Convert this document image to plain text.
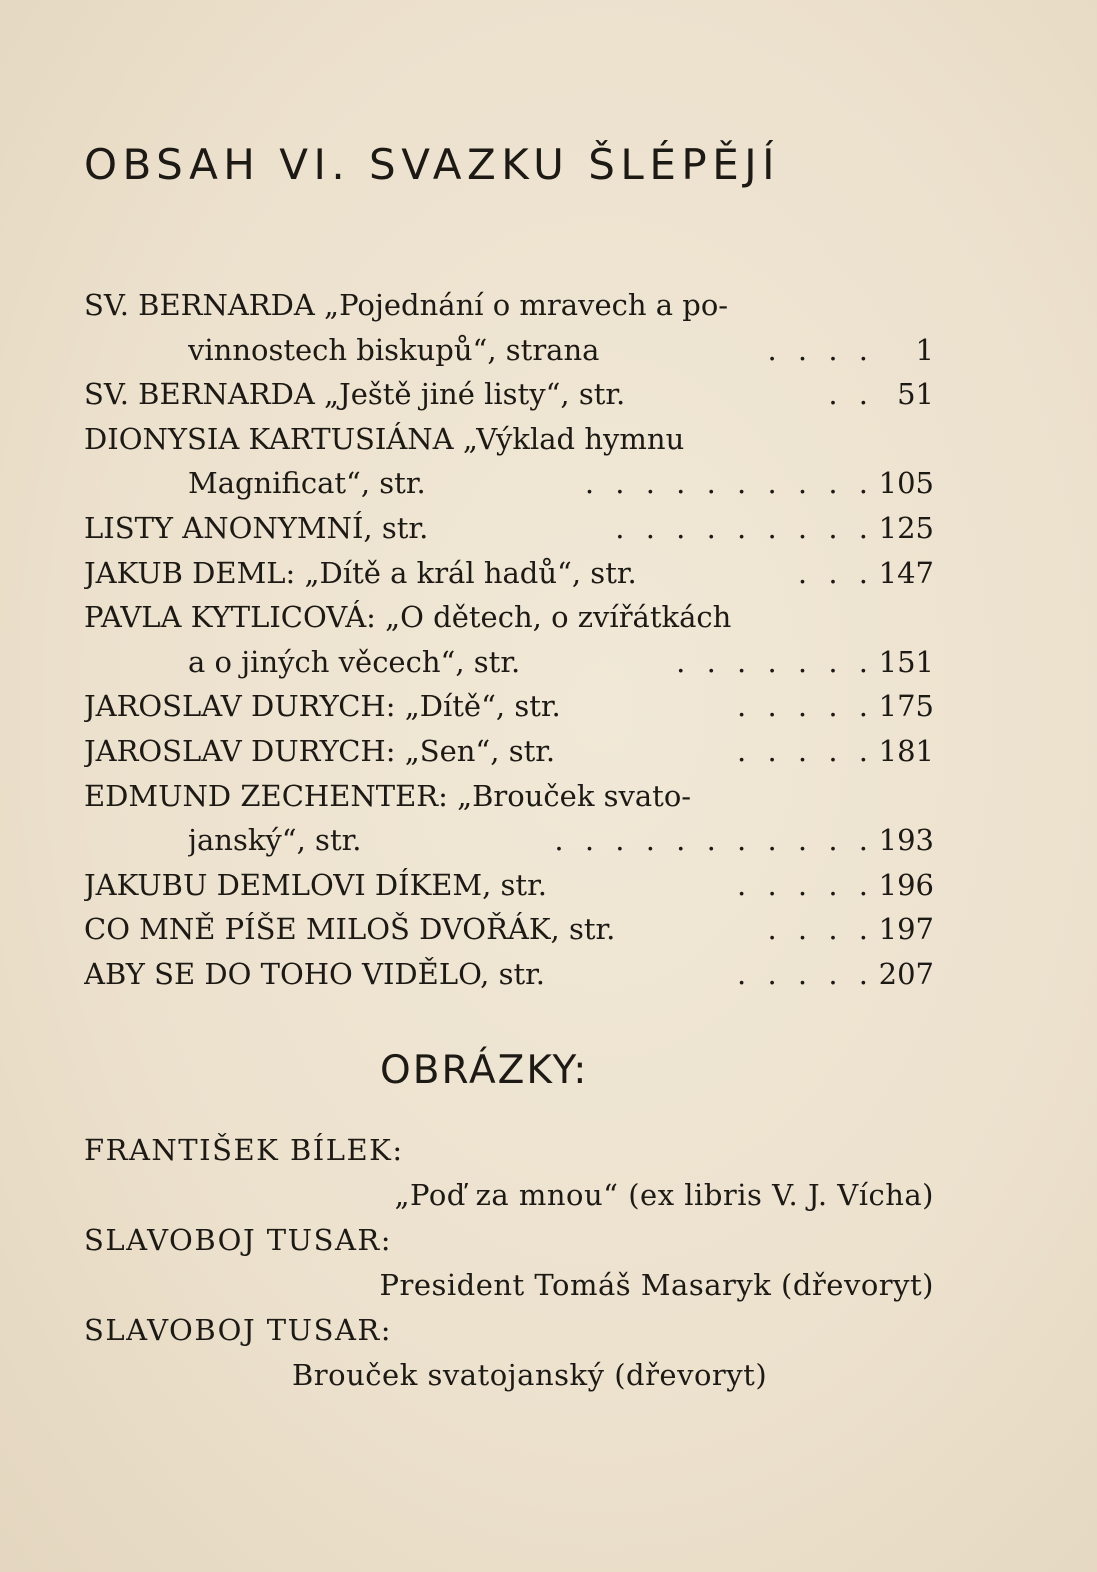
OBSAH VI. SVAZKU ŠLÉPĚJÍ
SV. BERNARDA „Pojednání o mravech a po-
vinnostech biskupů“, strana	. . . .	1
SV. BERNARDA „Ještě jiné listy“, str.	. . 51
DIONYSIA KARTUSIÁNA „Výklad hymnu
Magnificat“, str.	. . . . . . . . . . 105
LISTY ANONYMNÍ, str.	. . . . . . . . . 125
JAKUB DEML: „Dítě a král hadů“, str.	. . . 147
PAVLA KYTLICOVÁ: „O dětech, o zvířátkách
a o jiných věcech“, str.	. . . . . . . 151
JAROSLAV DURYCH: „Dítě“, str.	. . . . . 175
JAROSLAV DURYCH: „Sen“, str.	. . . . . 181
EDMUND ZECHENTER: „Brouček svato-
janský“, str.	. . . . . . . . . . . 193
JAKUBU DEMLOVI DÍKEM, str.	. . . . . 196
CO MNĚ PÍŠE MILOŠ DVOŘÁK, str.	. . . . 197
ABY SE DO TOHO VIDĚLO, str.	. . . . . 207
OBRÁZKY:
FRANTIŠEK BÍLEK:
„Poď za mnou“ (ex libris V. J. Vícha)
SLAVOBOJ TUSAR:
President Tomáš Masaryk (dřevoryt)
SLAVOBOJ TUSAR:
Brouček svatojanský (dřevoryt)
